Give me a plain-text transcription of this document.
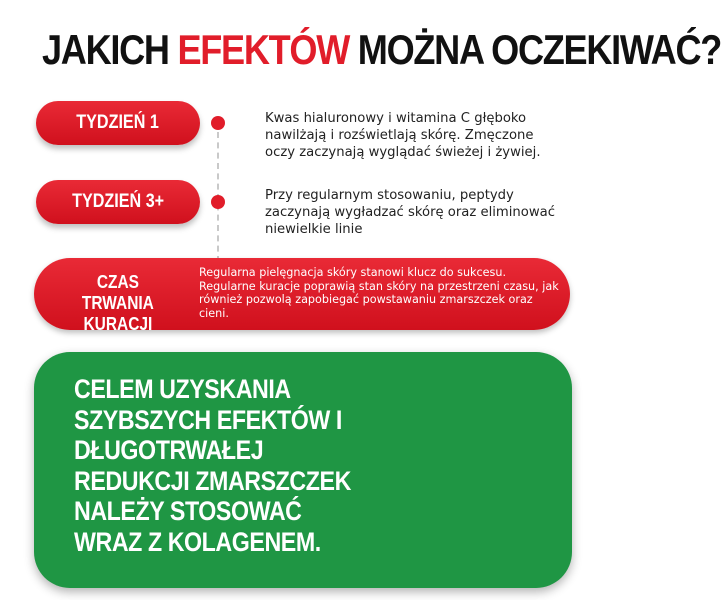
JAKICH EFEKTÓW MOŻNA OCZEKIWAĆ?
TYDZIEŃ 1	Kwas hialuronowy i witamina C głęboko nawilżają i rozświetlają skórę. Zmęczone oczy zaczynają wyglądać świeżej i żywiej.
TYDZIEŃ 3+	Przy regularnym stosowaniu, peptydy zaczynają wygładzać skórę oraz eliminować niewielkie linie
CZAS TRWANIA KURACJI
Regularna pielęgnacja skóry stanowi klucz do sukcesu. Regularne kuracje poprawią stan skóry na przestrzeni czasu, jak również pozwolą zapobiegać powstawaniu zmarszczek oraz cieni.
CELEM UZYSKANIA
SZYBSZYCH EFEKTÓW I
DŁUGOTRWAŁEJ
REDUKCJI ZMARSZCZEK
NALEŻY STOSOWAĆ
WRAZ Z KOLAGENEM.
